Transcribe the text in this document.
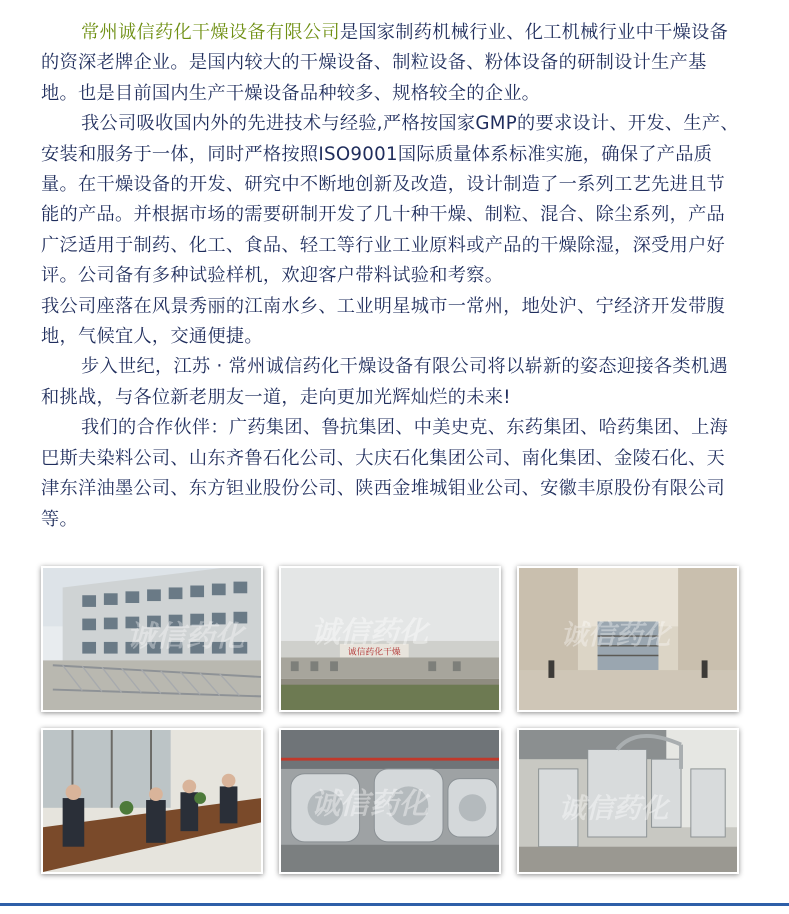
常州诚信药化干燥设备有限公司是国家制药机械行业、化工机械行业中干燥设备的资深老牌企业。是国内较大的干燥设备、制粒设备、粉体设备的研制设计生产基地。也是目前国内生产干燥设备品种较多、规格较全的企业。

我公司吸收国内外的先进技术与经验,严格按国家GMP的要求设计、开发、生产、安装和服务于一体，同时严格按照ISO9001国际质量体系标准实施，确保了产品质量。在干燥设备的开发、研究中不断地创新及改造，设计制造了一系列工艺先进且节能的产品。并根据市场的需要研制开发了几十种干燥、制粒、混合、除尘系列，产品广泛适用于制药、化工、食品、轻工等行业工业原料或产品的干燥除湿，深受用户好评。公司备有多种试验样机，欢迎客户带料试验和考察。

我公司座落在风景秀丽的江南水乡、工业明星城市一常州，地处沪、宁经济开发带腹地，气候宜人，交通便捷。

步入世纪，江苏 · 常州诚信药化干燥设备有限公司将以崭新的姿态迎接各类机遇和挑战，与各位新老朋友一道，走向更加光辉灿烂的未来!

我们的合作伙伴：广药集团、鲁抗集团、中美史克、东药集团、哈药集团、上海巴斯夫染料公司、山东齐鲁石化公司、大庆石化集团公司、南化集团、金陵石化、天津东洋油墨公司、东方钽业股份公司、陕西金堆城钼业公司、安徽丰原股份有限公司等。

诚信药化	诚信药化干燥
诚信药化	诚信药化
诚信药化	诚信药化
